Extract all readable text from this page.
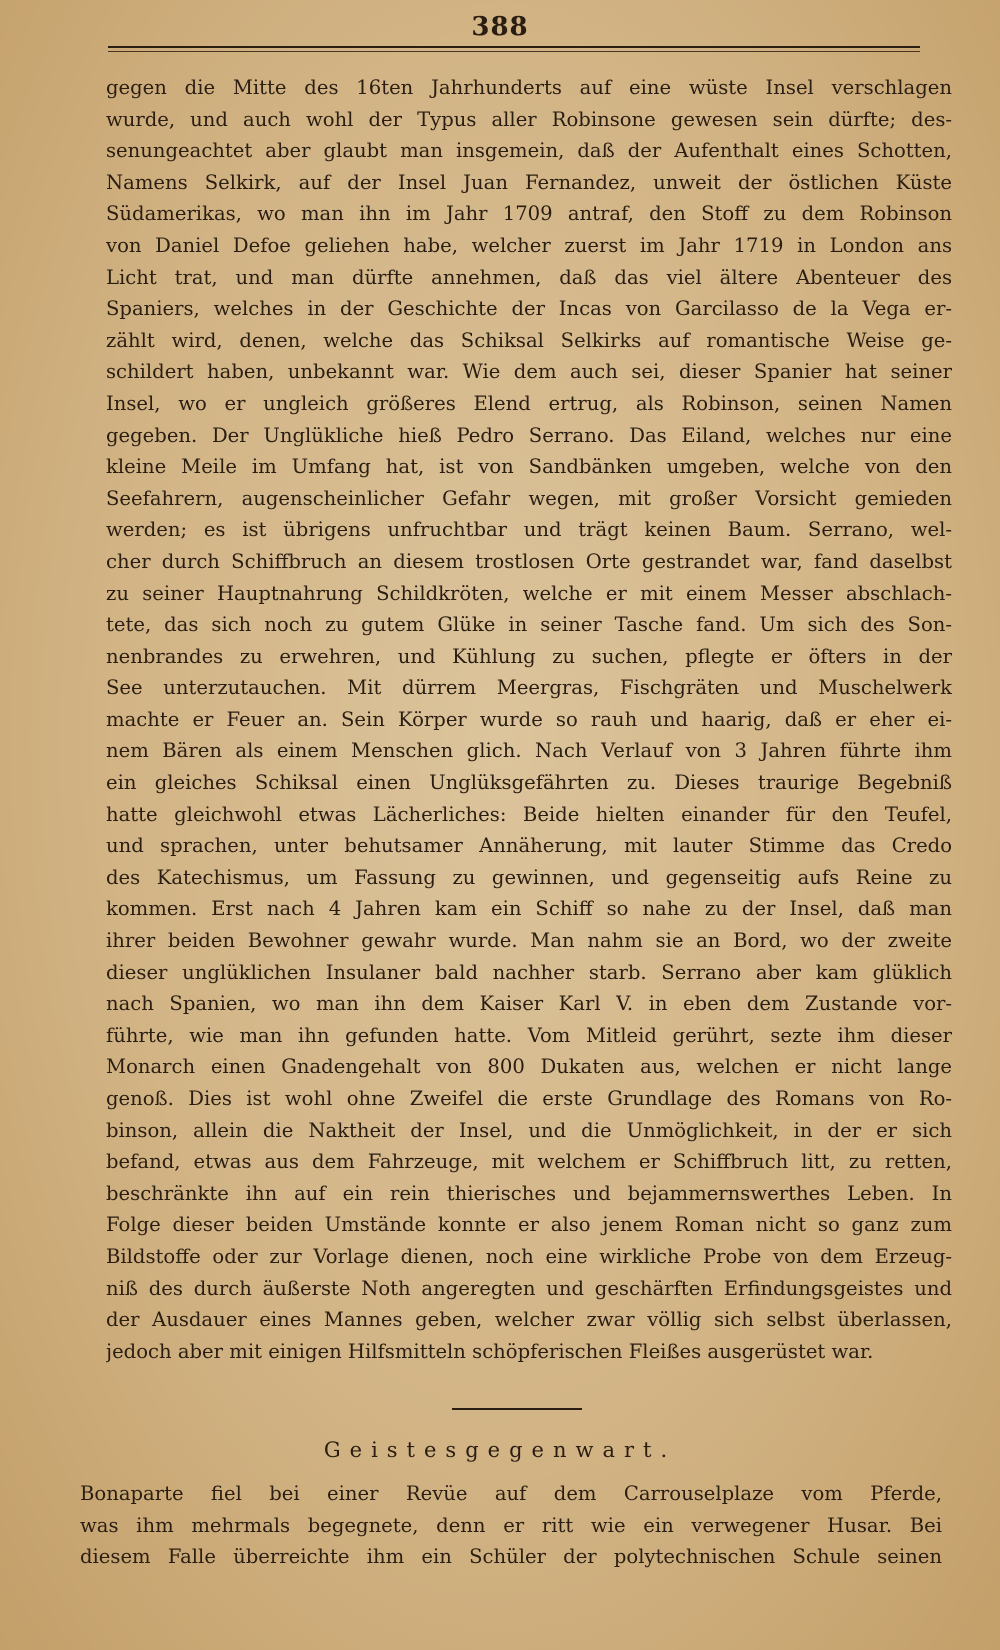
388
gegen die Mitte des 16ten Jahrhunderts auf eine wüste Insel verschlagen
wurde, und auch wohl der Typus aller Robinsone gewesen sein dürfte; des-
senungeachtet aber glaubt man insgemein, daß der Aufenthalt eines Schotten,
Namens Selkirk, auf der Insel Juan Fernandez, unweit der östlichen Küste
Südamerikas, wo man ihn im Jahr 1709 antraf, den Stoff zu dem Robinson
von Daniel Defoe geliehen habe, welcher zuerst im Jahr 1719 in London ans
Licht trat, und man dürfte annehmen, daß das viel ältere Abenteuer des
Spaniers, welches in der Geschichte der Incas von Garcilasso de la Vega er-
zählt wird, denen, welche das Schiksal Selkirks auf romantische Weise ge-
schildert haben, unbekannt war. Wie dem auch sei, dieser Spanier hat seiner
Insel, wo er ungleich größeres Elend ertrug, als Robinson, seinen Namen
gegeben. Der Unglükliche hieß Pedro Serrano. Das Eiland, welches nur eine
kleine Meile im Umfang hat, ist von Sandbänken umgeben, welche von den
Seefahrern, augenscheinlicher Gefahr wegen, mit großer Vorsicht gemieden
werden; es ist übrigens unfruchtbar und trägt keinen Baum. Serrano, wel-
cher durch Schiffbruch an diesem trostlosen Orte gestrandet war, fand daselbst
zu seiner Hauptnahrung Schildkröten, welche er mit einem Messer abschlach-
tete, das sich noch zu gutem Glüke in seiner Tasche fand. Um sich des Son-
nenbrandes zu erwehren, und Kühlung zu suchen, pflegte er öfters in der
See unterzutauchen. Mit dürrem Meergras, Fischgräten und Muschelwerk
machte er Feuer an. Sein Körper wurde so rauh und haarig, daß er eher ei-
nem Bären als einem Menschen glich. Nach Verlauf von 3 Jahren führte ihm
ein gleiches Schiksal einen Unglüksgefährten zu. Dieses traurige Begebniß
hatte gleichwohl etwas Lächerliches: Beide hielten einander für den Teufel,
und sprachen, unter behutsamer Annäherung, mit lauter Stimme das Credo
des Katechismus, um Fassung zu gewinnen, und gegenseitig aufs Reine zu
kommen. Erst nach 4 Jahren kam ein Schiff so nahe zu der Insel, daß man
ihrer beiden Bewohner gewahr wurde. Man nahm sie an Bord, wo der zweite
dieser unglüklichen Insulaner bald nachher starb. Serrano aber kam glüklich
nach Spanien, wo man ihn dem Kaiser Karl V. in eben dem Zustande vor-
führte, wie man ihn gefunden hatte. Vom Mitleid gerührt, sezte ihm dieser
Monarch einen Gnadengehalt von 800 Dukaten aus, welchen er nicht lange
genoß. Dies ist wohl ohne Zweifel die erste Grundlage des Romans von Ro-
binson, allein die Naktheit der Insel, und die Unmöglichkeit, in der er sich
befand, etwas aus dem Fahrzeuge, mit welchem er Schiffbruch litt, zu retten,
beschränkte ihn auf ein rein thierisches und bejammernswerthes Leben. In
Folge dieser beiden Umstände konnte er also jenem Roman nicht so ganz zum
Bildstoffe oder zur Vorlage dienen, noch eine wirkliche Probe von dem Erzeug-
niß des durch äußerste Noth angeregten und geschärften Erfindungsgeistes und
der Ausdauer eines Mannes geben, welcher zwar völlig sich selbst überlassen,
jedoch aber mit einigen Hilfsmitteln schöpferischen Fleißes ausgerüstet war.
Geistesgegenwart.
Bonaparte fiel bei einer Revüe auf dem Carrouselplaze vom Pferde,
was ihm mehrmals begegnete, denn er ritt wie ein verwegener Husar. Bei
diesem Falle überreichte ihm ein Schüler der polytechnischen Schule seinen
